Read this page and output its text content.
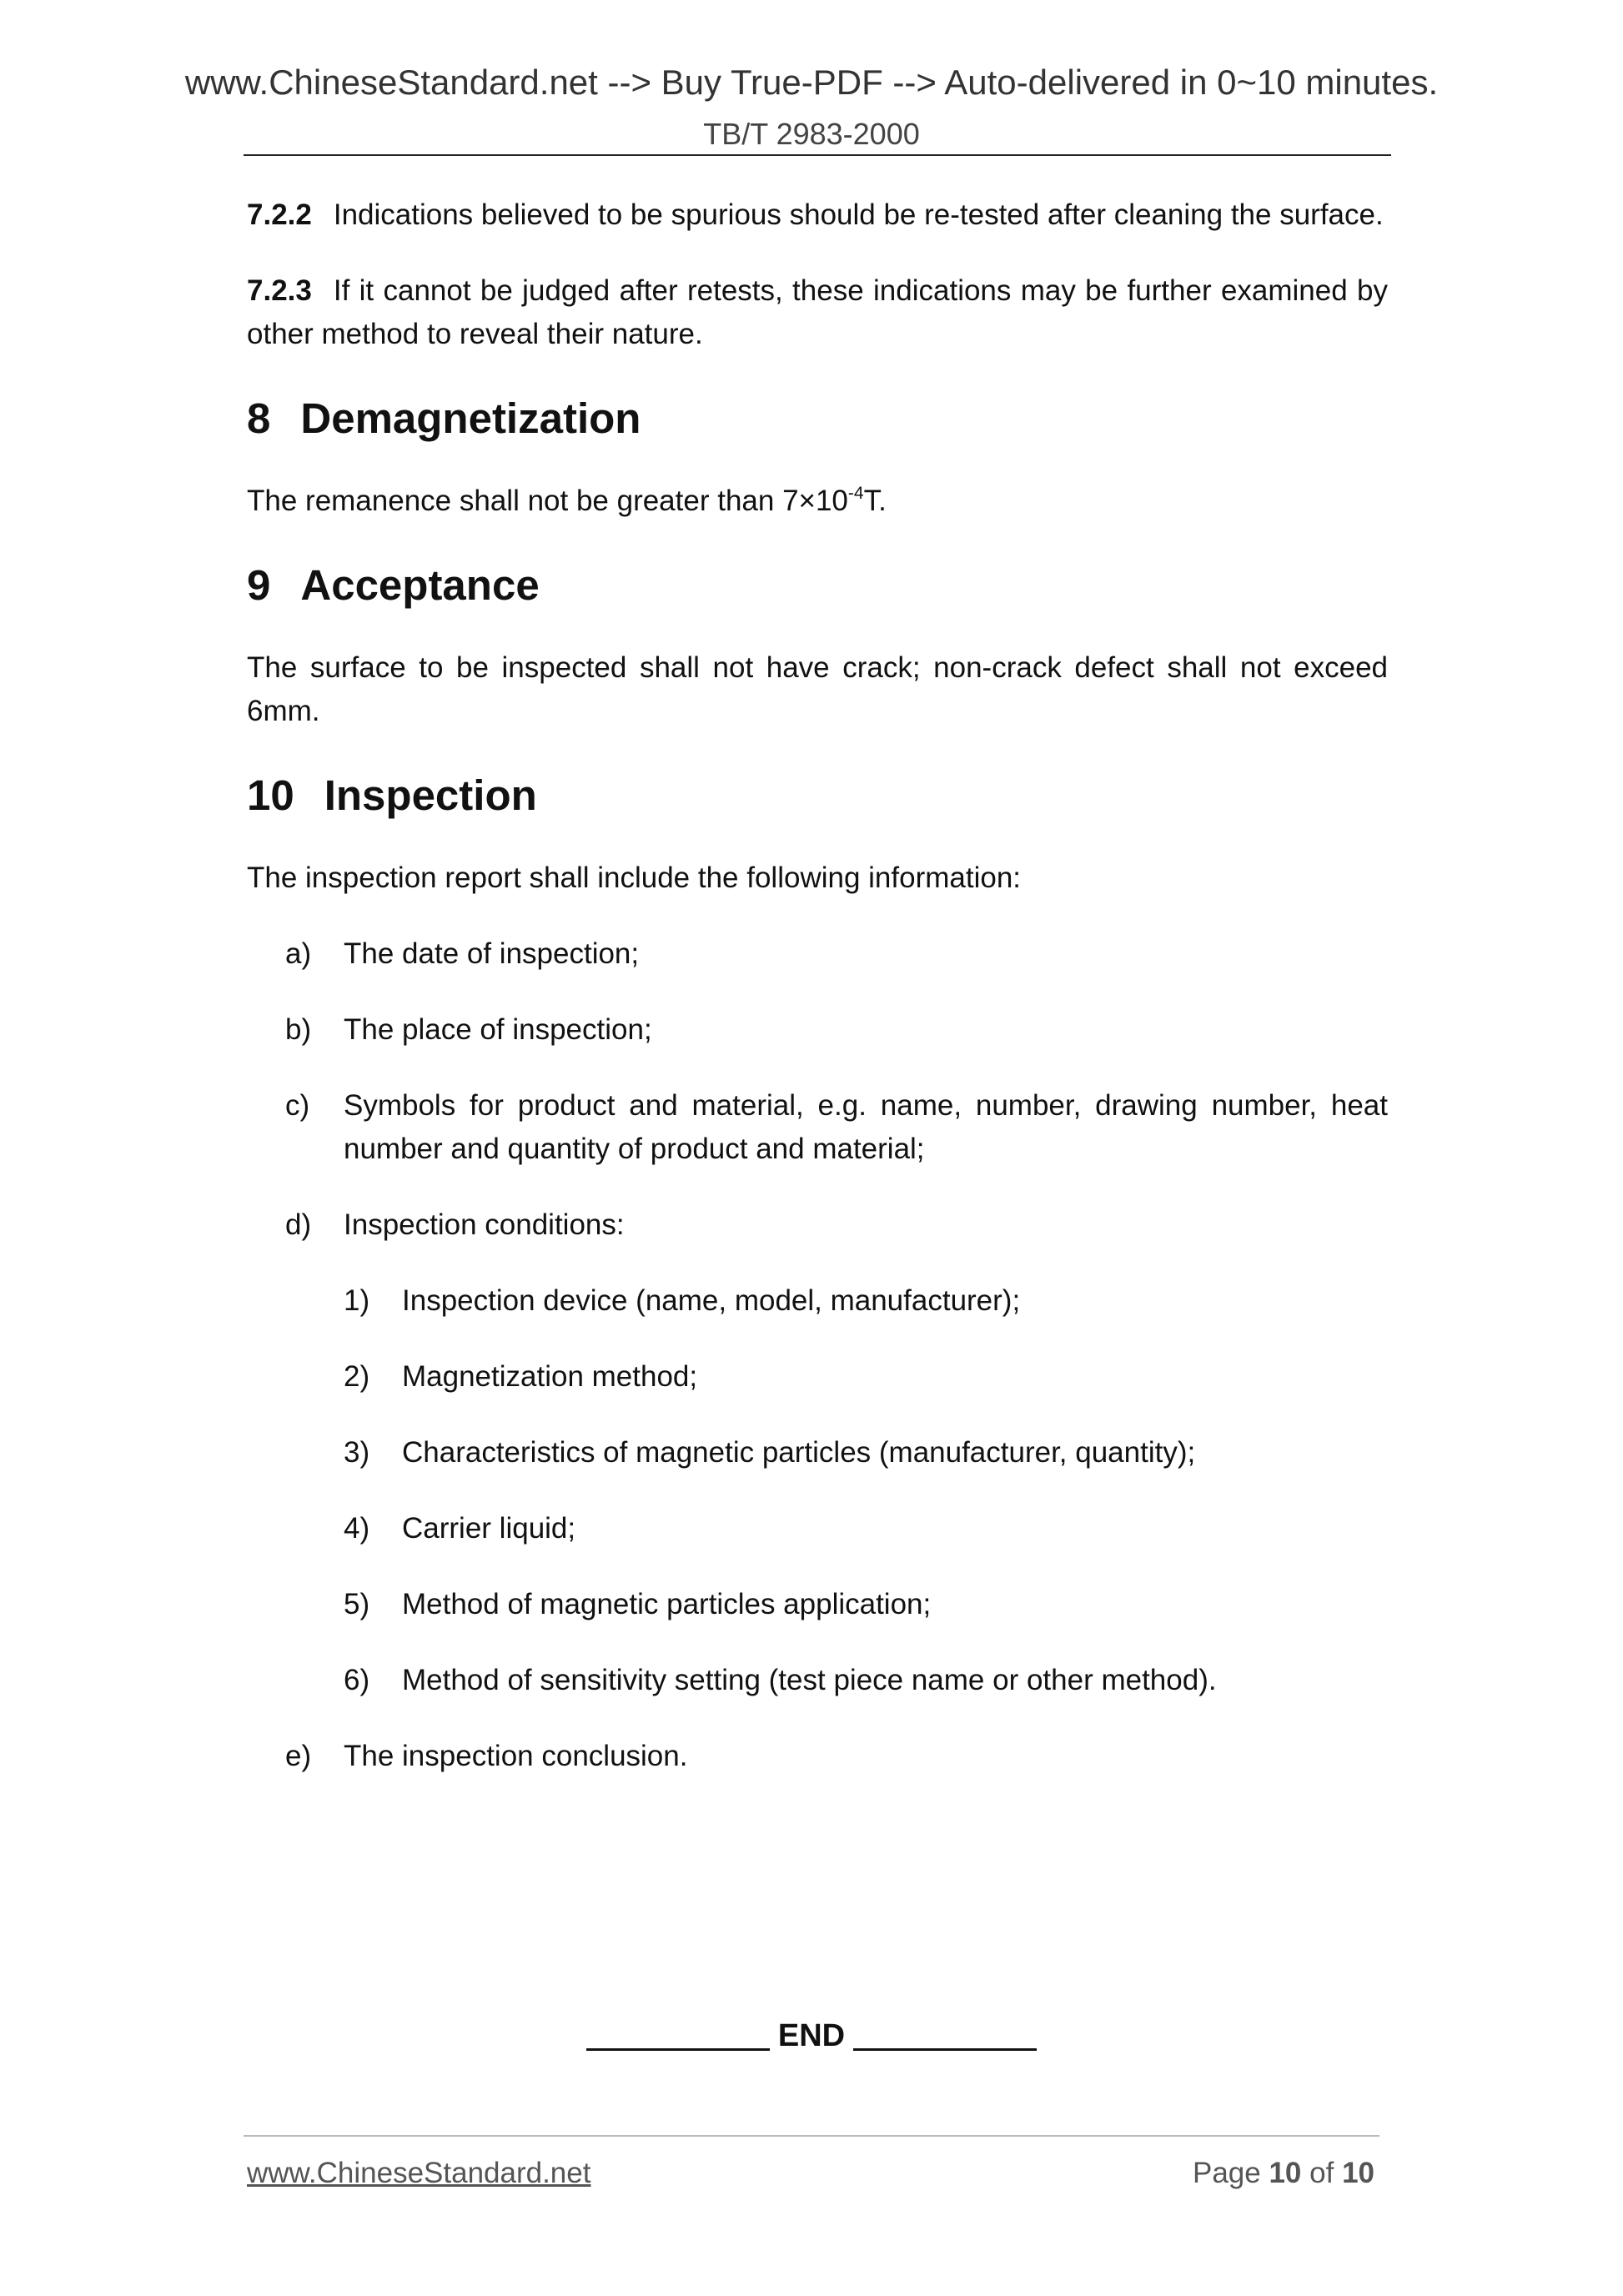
www.ChineseStandard.net --> Buy True-PDF --> Auto-delivered in 0~10 minutes.
TB/T 2983-2000

7.2.2 Indications believed to be spurious should be re-tested after cleaning the surface.

7.2.3 If it cannot be judged after retests, these indications may be further examined by other method to reveal their nature.

8 Demagnetization

The remanence shall not be greater than $7\times 10^{-4}T$.

9 Acceptance

The surface to be inspected shall not have crack; non-crack defect shall not exceed 6mm.

10 Inspection

The inspection report shall include the following information:

a) The date of inspection;
b) The place of inspection;
c) Symbols for product and material, e.g. name, number, drawing number, heat number and quantity of product and material;
d) Inspection conditions:
1) Inspection device (name, model, manufacturer);
2) Magnetization method;
3) Characteristics of magnetic particles (manufacturer, quantity);
4) Carrier liquid;
5) Method of magnetic particles application;
6) Method of sensitivity setting (test piece name or other method).
e) The inspection conclusion.
END
www.ChineseStandard.net	Page 10 of 10
